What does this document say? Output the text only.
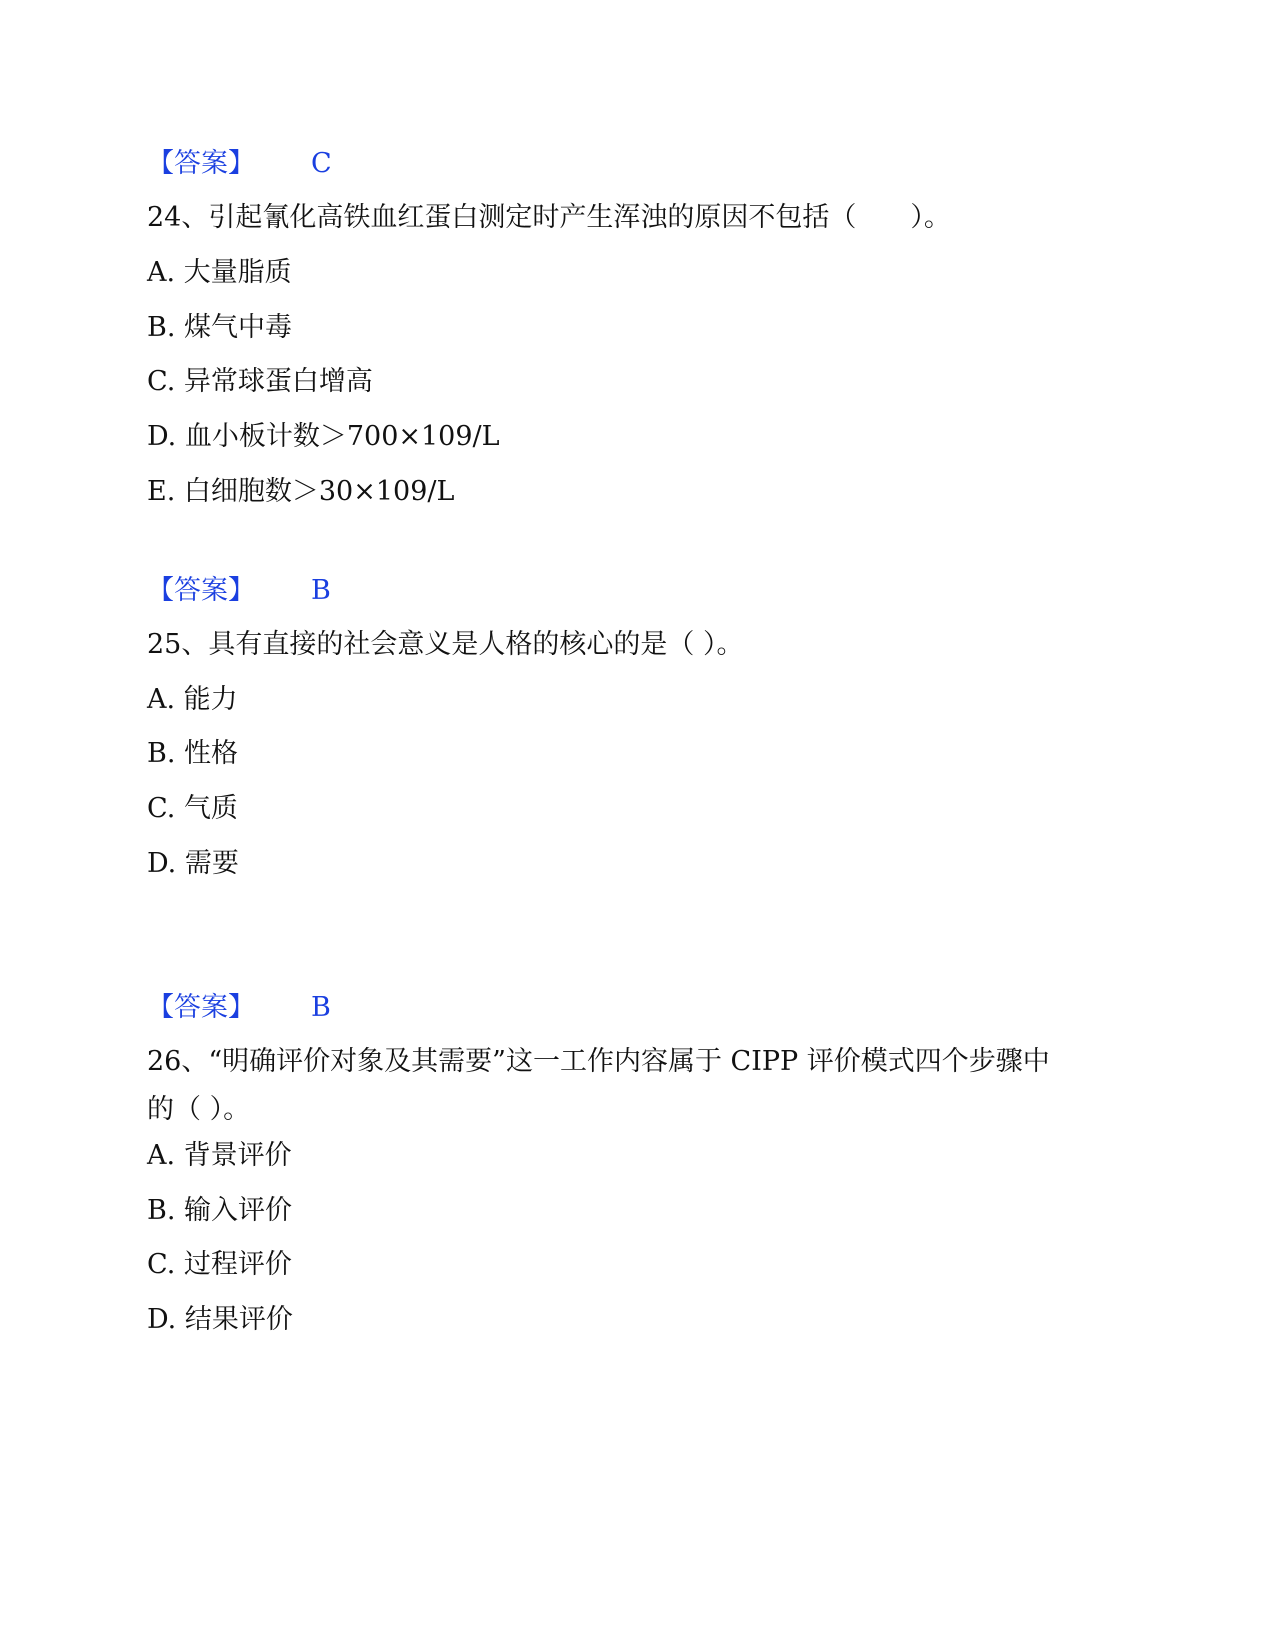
【答案】 C
24、引起氰化高铁血红蛋白测定时产生浑浊的原因不包括（　　）。
A. 大量脂质
B. 煤气中毒
C. 异常球蛋白增高
D. 血小板计数＞700×109/L
E. 白细胞数＞30×109/L
【答案】 B
25、具有直接的社会意义是人格的核心的是（ ）。
A. 能力
B. 性格
C. 气质
D. 需要
【答案】 B
26、“明确评价对象及其需要”这一工作内容属于 CIPP 评价模式四个步骤中
的（ ）。
A. 背景评价
B. 输入评价
C. 过程评价
D. 结果评价
